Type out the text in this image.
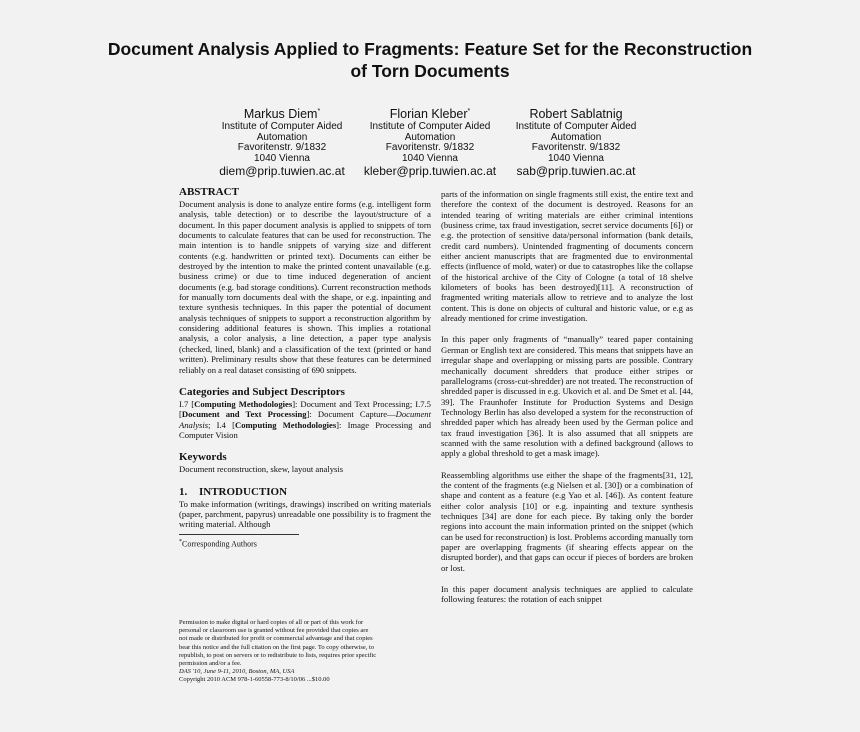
Document Analysis Applied to Fragments: Feature Set for the Reconstruction of Torn Documents
Markus Diem*
Institute of Computer Aided
Automation
Favoritenstr. 9/1832
1040 Vienna
diem@prip.tuwien.ac.at
Florian Kleber*
Institute of Computer Aided
Automation
Favoritenstr. 9/1832
1040 Vienna
kleber@prip.tuwien.ac.at
Robert Sablatnig
Institute of Computer Aided
Automation
Favoritenstr. 9/1832
1040 Vienna
sab@prip.tuwien.ac.at
ABSTRACT

Document analysis is done to analyze entire forms (e.g. intelligent form analysis, table detection) or to describe the layout/structure of a document. In this paper document analysis is applied to snippets of torn documents to calculate features that can be used for reconstruction. The main intention is to handle snippets of varying size and different contents (e.g. handwritten or printed text). Documents can either be destroyed by the intention to make the printed content unavailable (e.g. business crime) or due to time induced degeneration of ancient documents (e.g. bad storage conditions). Current reconstruction methods for manually torn documents deal with the shape, or e.g. inpainting and texture synthesis techniques. In this paper the potential of document analysis techniques of snippets to support a reconstruction algorithm by considering additional features is shown. This implies a rotational analysis, a color analysis, a line detection, a paper type analysis (checked, lined, blank) and a classification of the text (printed or hand written). Preliminary results show that these features can be determined reliably on a real dataset consisting of 690 snippets.

Categories and Subject Descriptors

I.7 [Computing Methodologies]: Document and Text Processing; I.7.5 [Document and Text Processing]: Document Capture—Document Analysis; I.4 [Computing Methodologies]: Image Processing and Computer Vision

Keywords

Document reconstruction, skew, layout analysis

1. INTRODUCTION

To make information (writings, drawings) inscribed on writing materials (paper, parchment, papyrus) unreadable one possibility is to fragment the writing material. Although

*Corresponding Authors
Permission to make digital or hard copies of all or part of this work for
personal or classroom use is granted without fee provided that copies are
not made or distributed for profit or commercial advantage and that copies
bear this notice and the full citation on the first page. To copy otherwise, to
republish, to post on servers or to redistribute to lists, requires prior specific
permission and/or a fee.
DAS '10, June 9-11, 2010, Boston, MA, USA
Copyright 2010 ACM 978-1-60558-773-8/10/06 ...$10.00

parts of the information on single fragments still exist, the entire text and therefore the context of the document is destroyed. Reasons for an intended tearing of writing materials are either criminal intentions (business crime, tax fraud investigation, secret service documents [6]) or e.g. the protection of sensitive data/personal information (bank details, credit card numbers). Unintended fragmenting of documents concern either ancient manuscripts that are fragmented due to environmental effects (influence of mold, water) or due to catastrophes like the collapse of the historical archive of the City of Cologne (a total of 18 shelve kilometers of books has been destroyed)[11]. A reconstruction of fragmented writing materials allow to retrieve and to analyze the lost content. This is done on objects of cultural and historic value, or e.g as already mentioned for crime investigation.

In this paper only fragments of “manually” teared paper containing German or English text are considered. This means that snippets have an irregular shape and overlapping or missing parts are possible. Contrary mechanically document shredders that produce either stripes or parallelograms (cross-cut-shredder) are not treated. The reconstruction of shredded paper is discussed in e.g. Ukovich et al. and De Smet et al. [44, 39]. The Fraunhofer Institute for Production Systems and Design Technology Berlin has also developed a system for the reconstruction of shredded paper which has already been used by the German police and tax fraud investigation [36]. It is also assumed that all snippets are scanned with the same resolution with a defined background (allows to apply a global threshold to get a mask image).

Reassembling algorithms use either the shape of the fragments[31, 12], the content of the fragments (e.g Nielsen et al. [30]) or a combination of shape and content as a feature (e.g Yao et al. [46]). As content feature either color analysis [10] or e.g. inpainting and texture synthesis techniques [34] are done for each piece. By taking only the border regions into account the main information printed on the snippet (which can be used for reconstruction) is lost. Problems according manually torn paper are overlapping fragments (if shearing effects appear on the disrupted border), and that gaps can occur if pieces of borders are broken or lost.

In this paper document analysis techniques are applied to calculate following features: the rotation of each snippet
